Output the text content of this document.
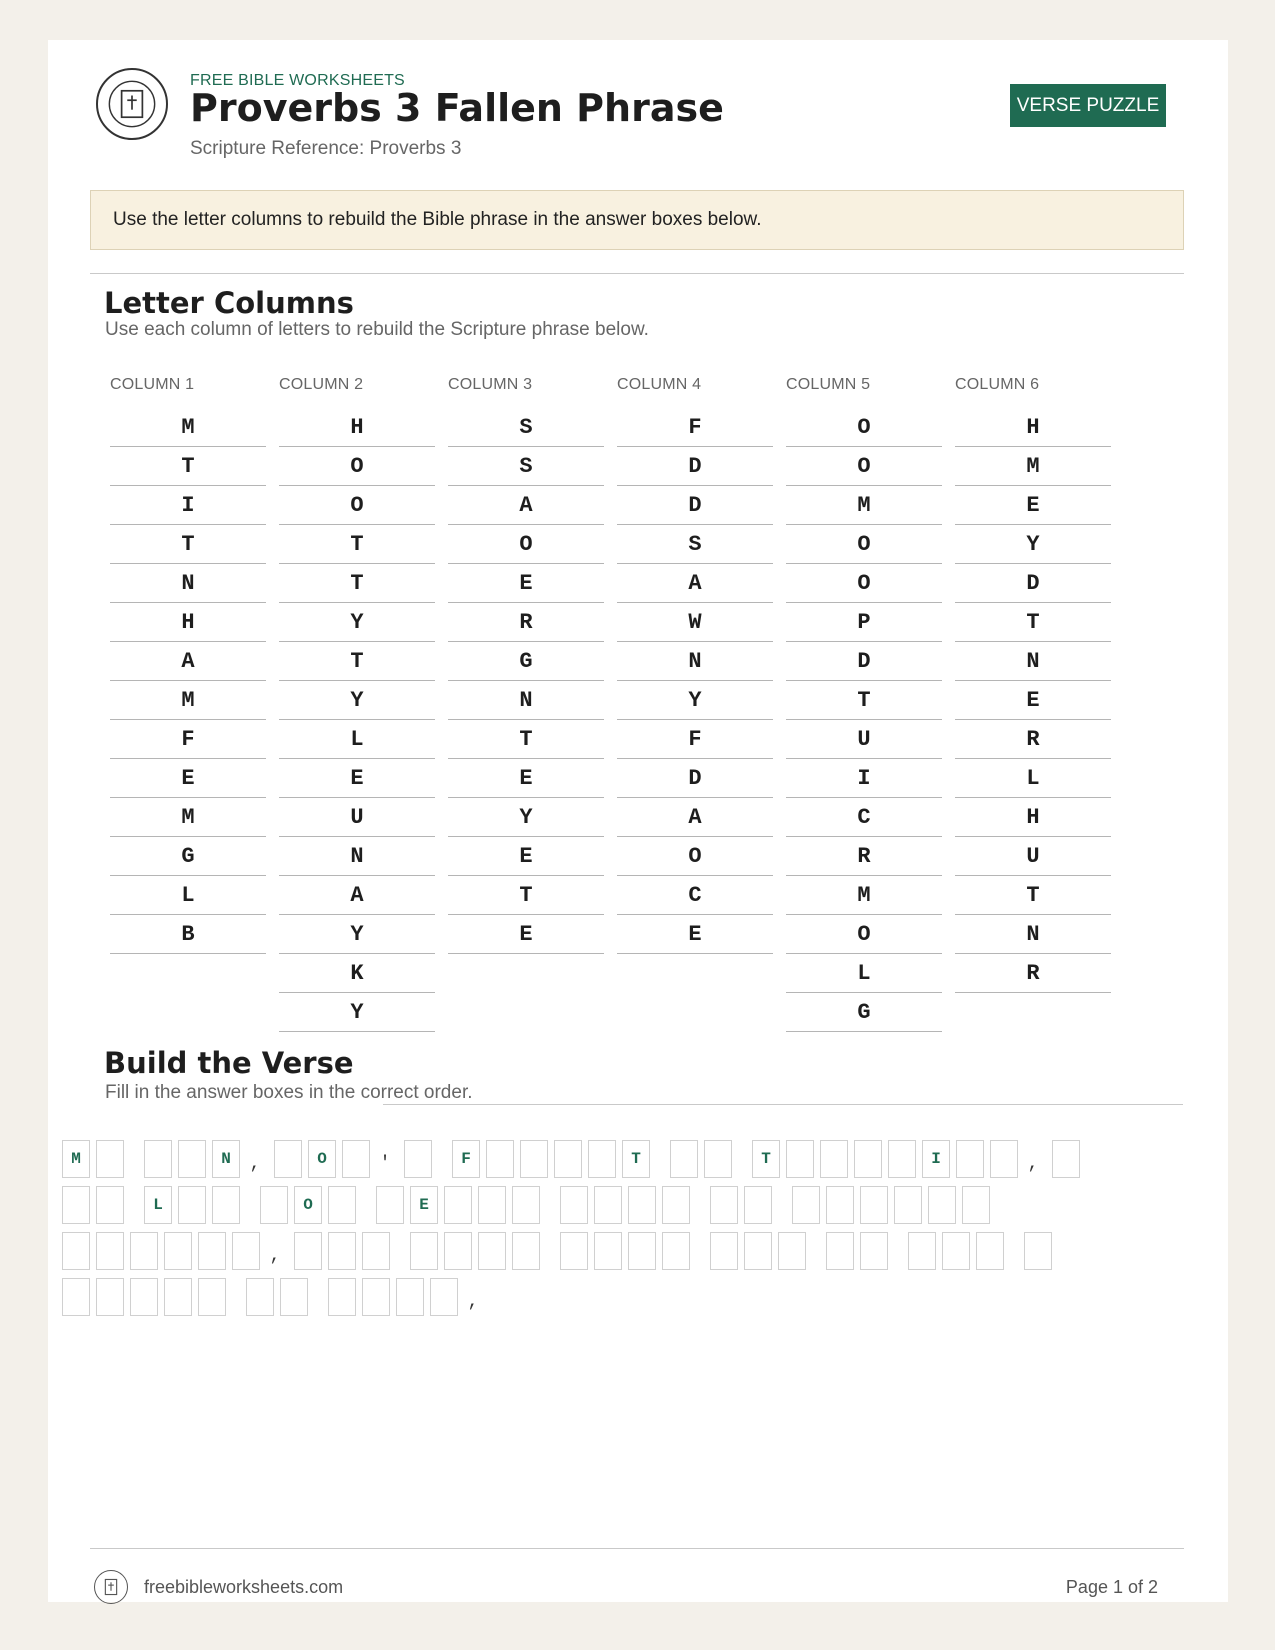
FREE BIBLE WORKSHEETS
Proverbs 3 Fallen Phrase
Scripture Reference: Proverbs 3
VERSE PUZZLE
Use the letter columns to rebuild the Bible phrase in the answer boxes below.
Letter Columns
Use each column of letters to rebuild the Scripture phrase below.
COLUMN 1
M
T
I
T
N
H
A
M
F
E
M
G
L
B
COLUMN 2
H
O
O
T
T
Y
T
Y
L
E
U
N
A
Y
K
Y
COLUMN 3
S
S
A
O
E
R
G
N
T
E
Y
E
T
E
COLUMN 4
F
D
D
S
A
W
N
Y
F
D
A
O
C
E
COLUMN 5
O
O
M
O
O
P
D
T
U
I
C
R
M
O
L
G
COLUMN 6
H
M
E
Y
D
T
N
E
R
L
H
U
T
N
R
Build the Verse
Fill in the answer boxes in the correct order.
freebibleworksheets.com	Page 1 of 2
M	N	,	O	'	F	T	T	I	,
L	O	E
,
,
